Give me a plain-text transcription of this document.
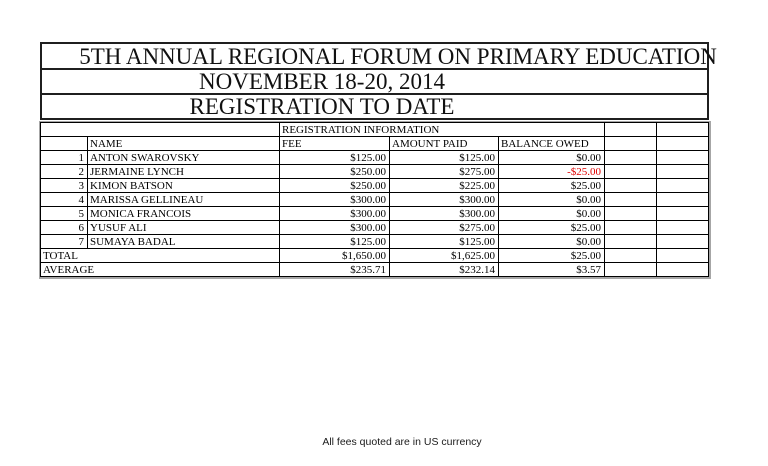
5TH ANNUAL REGIONAL FORUM ON PRIMARY EDUCATION
NOVEMBER 18-20, 2014
REGISTRATION TO DATE
		REGISTRATION INFORMATION				
	NAME	FEE	AMOUNT PAID	BALANCE OWED		
1	ANTON SWAROVSKY	$125.00	$125.00	$0.00		
2	JERMAINE LYNCH	$250.00	$275.00	-$25.00		
3	KIMON BATSON	$250.00	$225.00	$25.00		
4	MARISSA GELLINEAU	$300.00	$300.00	$0.00		
5	MONICA FRANCOIS	$300.00	$300.00	$0.00		
6	YUSUF ALI	$300.00	$275.00	$25.00		
7	SUMAYA BADAL	$125.00	$125.00	$0.00		
TOTAL		$1,650.00	$1,625.00	$25.00		
AVERAGE		$235.71	$232.14	$3.57		
All fees quoted are in US currency
